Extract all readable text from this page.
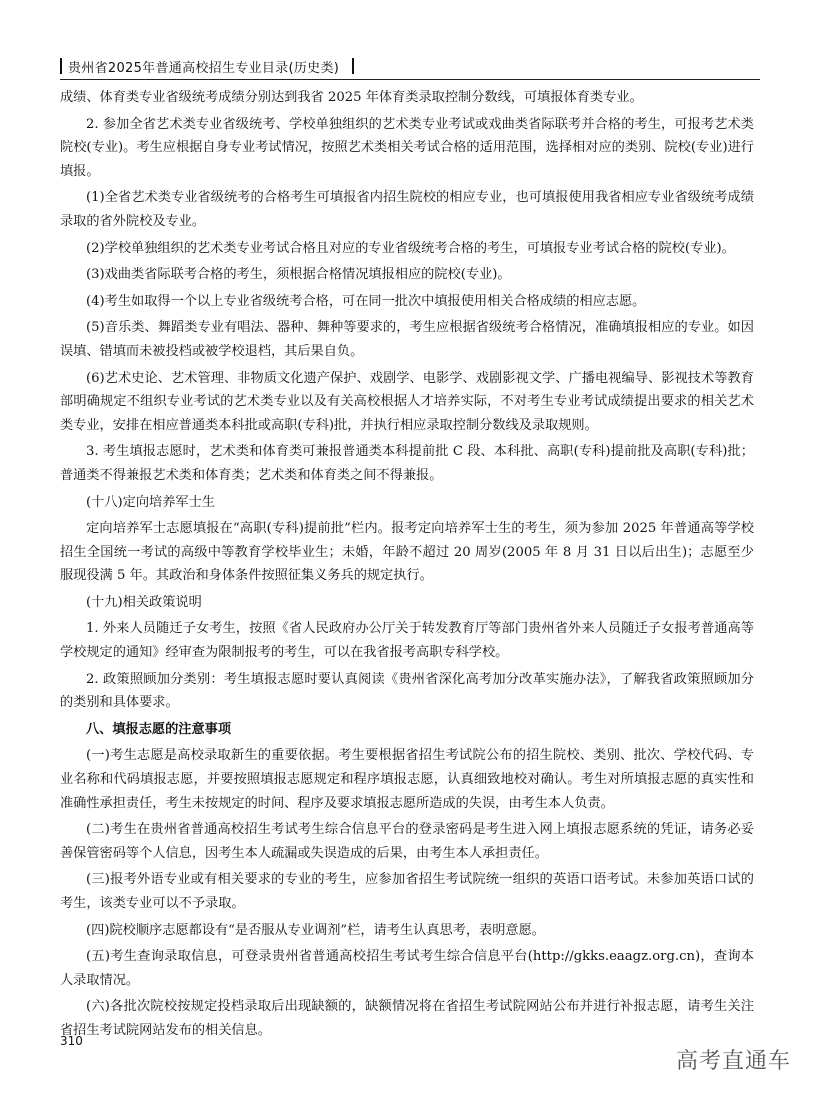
贵州省2025年普通高校招生专业目录(历史类)

成绩、体育类专业省级统考成绩分别达到我省 2025 年体育类录取控制分数线，可填报体育类专业。

2. 参加全省艺术类专业省级统考、学校单独组织的艺术类专业考试或戏曲类省际联考并合格的考生，可报考艺术类院校(专业)。考生应根据自身专业考试情况，按照艺术类相关考试合格的适用范围，选择相对应的类别、院校(专业)进行填报。

(1)全省艺术类专业省级统考的合格考生可填报省内招生院校的相应专业，也可填报使用我省相应专业省级统考成绩录取的省外院校及专业。

(2)学校单独组织的艺术类专业考试合格且对应的专业省级统考合格的考生，可填报专业考试合格的院校(专业)。

(3)戏曲类省际联考合格的考生，须根据合格情况填报相应的院校(专业)。

(4)考生如取得一个以上专业省级统考合格，可在同一批次中填报使用相关合格成绩的相应志愿。

(5)音乐类、舞蹈类专业有唱法、器种、舞种等要求的，考生应根据省级统考合格情况，准确填报相应的专业。如因误填、错填而未被投档或被学校退档，其后果自负。

(6)艺术史论、艺术管理、非物质文化遗产保护、戏剧学、电影学、戏剧影视文学、广播电视编导、影视技术等教育部明确规定不组织专业考试的艺术类专业以及有关高校根据人才培养实际，不对考生专业考试成绩提出要求的相关艺术类专业，安排在相应普通类本科批或高职(专科)批，并执行相应录取控制分数线及录取规则。

3. 考生填报志愿时，艺术类和体育类可兼报普通类本科提前批 C 段、本科批、高职(专科)提前批及高职(专科)批；普通类不得兼报艺术类和体育类；艺术类和体育类之间不得兼报。

(十八)定向培养军士生

定向培养军士志愿填报在“高职(专科)提前批”栏内。报考定向培养军士生的考生，须为参加 2025 年普通高等学校招生全国统一考试的高级中等教育学校毕业生；未婚，年龄不超过 20 周岁(2005 年 8 月 31 日以后出生)；志愿至少服现役满 5 年。其政治和身体条件按照征集义务兵的规定执行。

(十九)相关政策说明

1. 外来人员随迁子女考生，按照《省人民政府办公厅关于转发教育厅等部门贵州省外来人员随迁子女报考普通高等学校规定的通知》经审查为限制报考的考生，可以在我省报考高职专科学校。

2. 政策照顾加分类别：考生填报志愿时要认真阅读《贵州省深化高考加分改革实施办法》，了解我省政策照顾加分的类别和具体要求。

八、填报志愿的注意事项

(一)考生志愿是高校录取新生的重要依据。考生要根据省招生考试院公布的招生院校、类别、批次、学校代码、专业名称和代码填报志愿，并要按照填报志愿规定和程序填报志愿，认真细致地校对确认。考生对所填报志愿的真实性和准确性承担责任，考生未按规定的时间、程序及要求填报志愿所造成的失误，由考生本人负责。

(二)考生在贵州省普通高校招生考试考生综合信息平台的登录密码是考生进入网上填报志愿系统的凭证，请务必妥善保管密码等个人信息，因考生本人疏漏或失误造成的后果，由考生本人承担责任。

(三)报考外语专业或有相关要求的专业的考生，应参加省招生考试院统一组织的英语口语考试。未参加英语口试的考生，该类专业可以不予录取。

(四)院校顺序志愿都设有“是否服从专业调剂”栏，请考生认真思考，表明意愿。

(五)考生查询录取信息，可登录贵州省普通高校招生考试考生综合信息平台(http://gkks.eaagz.org.cn)，查询本人录取情况。

(六)各批次院校按规定投档录取后出现缺额的，缺额情况将在省招生考试院网站公布并进行补报志愿，请考生关注省招生考试院网站发布的相关信息。

310
高考直通车
